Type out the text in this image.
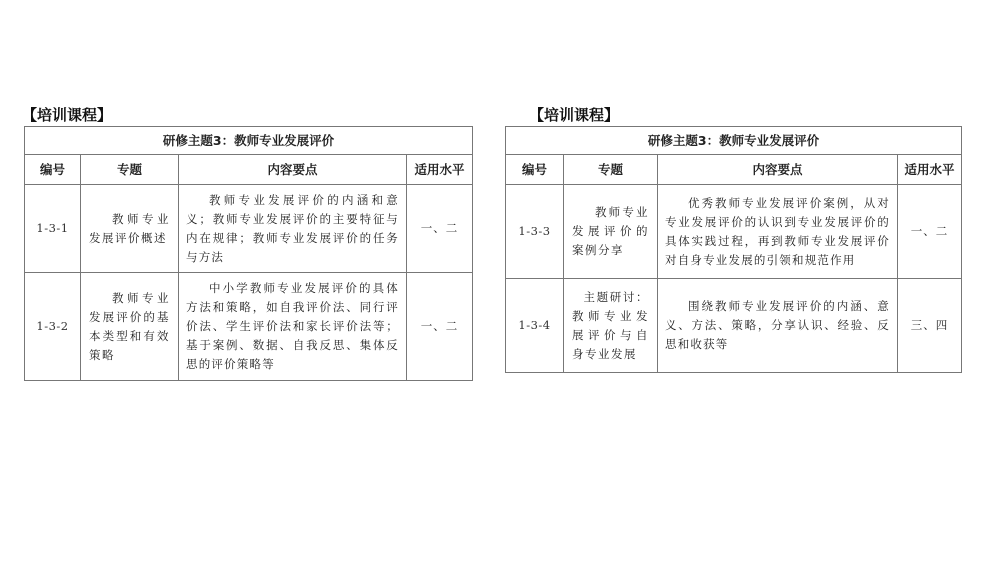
【培训课程】
研修主题3：教师专业发展评价			
编号	专题	内容要点	适用水平
1-3-1	教师专业发展评价概述	教师专业发展评价的内涵和意义；教师专业发展评价的主要特征与内在规律；教师专业发展评价的任务与方法	一、二
1-3-2	教师专业发展评价的基本类型和有效策略	中小学教师专业发展评价的具体方法和策略，如自我评价法、同行评价法、学生评价法和家长评价法等；基于案例、数据、自我反思、集体反思的评价策略等	一、二
【培训课程】
研修主题3：教师专业发展评价			
编号	专题	内容要点	适用水平
1-3-3	教师专业发展评价的案例分享	优秀教师专业发展评价案例，从对专业发展评价的认识到专业发展评价的具体实践过程，再到教师专业发展评价对自身专业发展的引领和规范作用	一、二
1-3-4	主题研讨：教师专业发展评价与自身专业发展	围绕教师专业发展评价的内涵、意义、方法、策略，分享认识、经验、反思和收获等	三、四
